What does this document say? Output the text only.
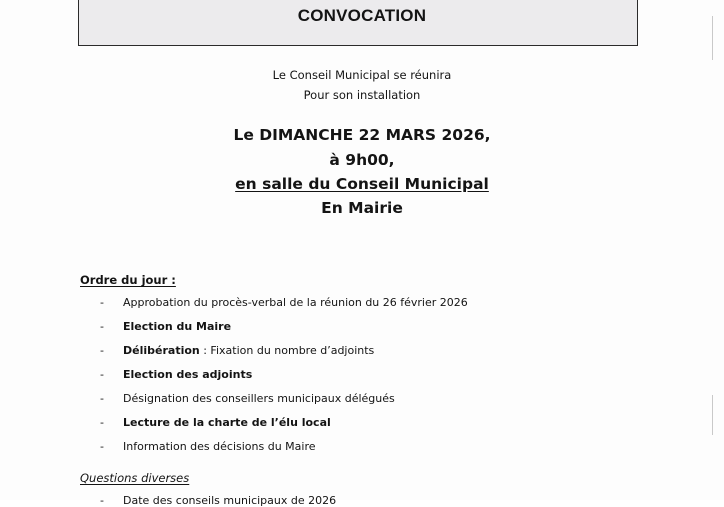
CONVOCATION
Le Conseil Municipal se réunira
Pour son installation
Le DIMANCHE 22 MARS 2026,
à 9h00,
en salle du Conseil Municipal
En Mairie
Ordre du jour :
- Approbation du procès-verbal de la réunion du 26 février 2026
- Election du Maire
- Délibération : Fixation du nombre d’adjoints
- Election des adjoints
- Désignation des conseillers municipaux délégués
- Lecture de la charte de l’élu local
- Information des décisions du Maire
Questions diverses
- Date des conseils municipaux de 2026
